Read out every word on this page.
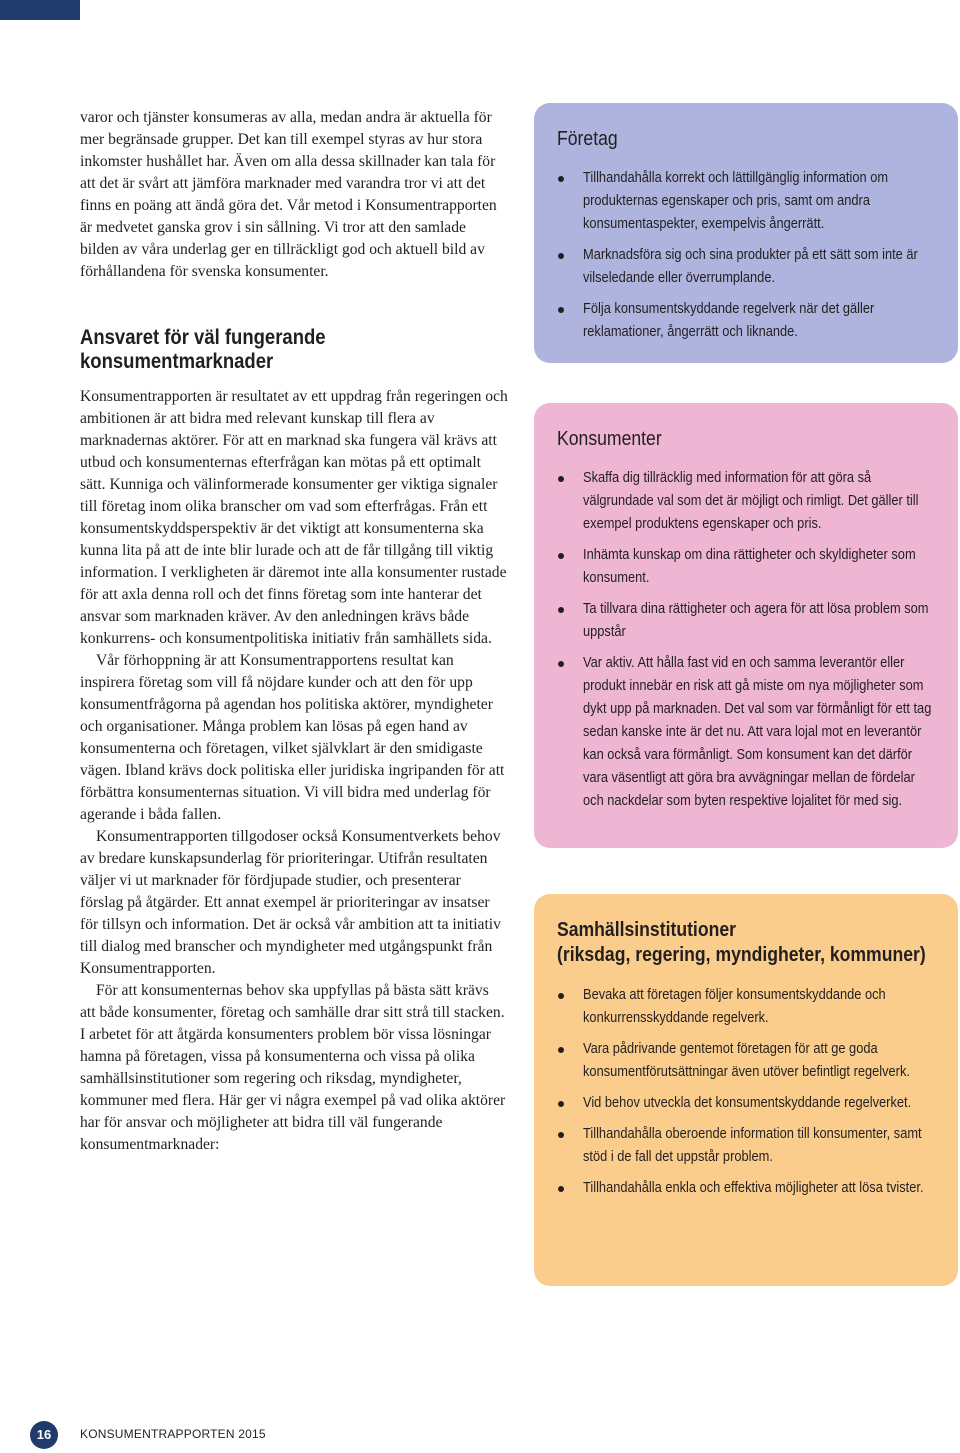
varor och tjänster konsumeras av alla, medan andra är aktuella för mer begränsade grupper. Det kan till exempel styras av hur stora inkomster hushållet har. Även om alla dessa skillnader kan tala för att det är svårt att jämföra marknader med varandra tror vi att det finns en poäng att ändå göra det. Vår metod i Konsumentrapporten är medvetet ganska grov i sin sållning. Vi tror att den samlade bilden av våra underlag ger en tillräckligt god och aktuell bild av förhållandena för svenska konsumenter.

Ansvaret för väl fungerande konsumentmarknader

Konsumentrapporten är resultatet av ett uppdrag från regeringen och ambitionen är att bidra med relevant kunskap till flera av marknadernas aktörer. För att en marknad ska fungera väl krävs att utbud och konsumenternas efterfrågan kan mötas på ett optimalt sätt. Kunniga och välinformerade konsumenter ger viktiga signaler till företag inom olika branscher om vad som efterfrågas. Från ett konsumentskyddsperspektiv är det viktigt att konsumenterna ska kunna lita på att de inte blir lurade och att de får tillgång till viktig information. I verkligheten är däremot inte alla konsumenter rustade för att axla denna roll och det finns företag som inte hanterar det ansvar som marknaden kräver. Av den anledningen krävs både konkurrens- och konsumentpolitiska initiativ från samhällets sida.

Vår förhoppning är att Konsumentrapportens resultat kan inspirera företag som vill få nöjdare kunder och att den för upp konsumentfrågorna på agendan hos politiska aktörer, myndigheter och organisationer. Många problem kan lösas på egen hand av konsumenterna och företagen, vilket självklart är den smidigaste vägen. Ibland krävs dock politiska eller juridiska ingripanden för att förbättra konsumenternas situation. Vi vill bidra med underlag för agerande i båda fallen.

Konsumentrapporten tillgodoser också Konsumentverkets behov av bredare kunskapsunderlag för prioriteringar. Utifrån resultaten väljer vi ut marknader för fördjupade studier, och presenterar förslag på åtgärder. Ett annat exempel är prioriteringar av insatser för tillsyn och information. Det är också vår ambition att ta initiativ till dialog med branscher och myndigheter med utgångspunkt från Konsumentrapporten.

För att konsumenternas behov ska uppfyllas på bästa sätt krävs att både konsumenter, företag och samhälle drar sitt strå till stacken. I arbetet för att åtgärda konsumenters problem bör vissa lösningar hamna på företagen, vissa på konsumenterna och vissa på olika samhällsinstitutioner som regering och riksdag, myndigheter, kommuner med flera. Här ger vi några exempel på vad olika aktörer har för ansvar och möjligheter att bidra till väl fungerande konsumentmarknader:

Företag
Tillhandahålla korrekt och lättillgänglig information om produkternas egenskaper och pris, samt om andra konsumentaspekter, exempelvis ångerrätt.
Marknadsföra sig och sina produkter på ett sätt som inte är vilseledande eller överrumplande.
Följa konsumentskyddande regelverk när det gäller reklamationer, ångerrätt och liknande.
Konsumenter
Skaffa dig tillräcklig med information för att göra så välgrundade val som det är möjligt och rimligt. Det gäller till exempel produktens egenskaper och pris.
Inhämta kunskap om dina rättigheter och skyldigheter som konsument.
Ta tillvara dina rättigheter och agera för att lösa problem som uppstår
Var aktiv. Att hålla fast vid en och samma leverantör eller produkt innebär en risk att gå miste om nya möjligheter som dykt upp på marknaden. Det val som var förmånligt för ett tag sedan kanske inte är det nu. Att vara lojal mot en leverantör kan också vara förmånligt. Som konsument kan det därför vara väsentligt att göra bra avvägningar mellan de fördelar och nackdelar som byten respektive lojalitet för med sig.
Samhällsinstitutioner
(riksdag, regering, myndigheter, kommuner)
Bevaka att företagen följer konsumentskyddande och konkurrensskyddande regelverk.
Vara pådrivande gentemot företagen för att ge goda konsumentförutsättningar även utöver befintligt regelverk.
Vid behov utveckla det konsumentskyddande regelverket.
Tillhandahålla oberoende information till konsumenter, samt stöd i de fall det uppstår problem.
Tillhandahålla enkla och effektiva möjligheter att lösa tvister.
16	KONSUMENTRAPPORTEN 2015
